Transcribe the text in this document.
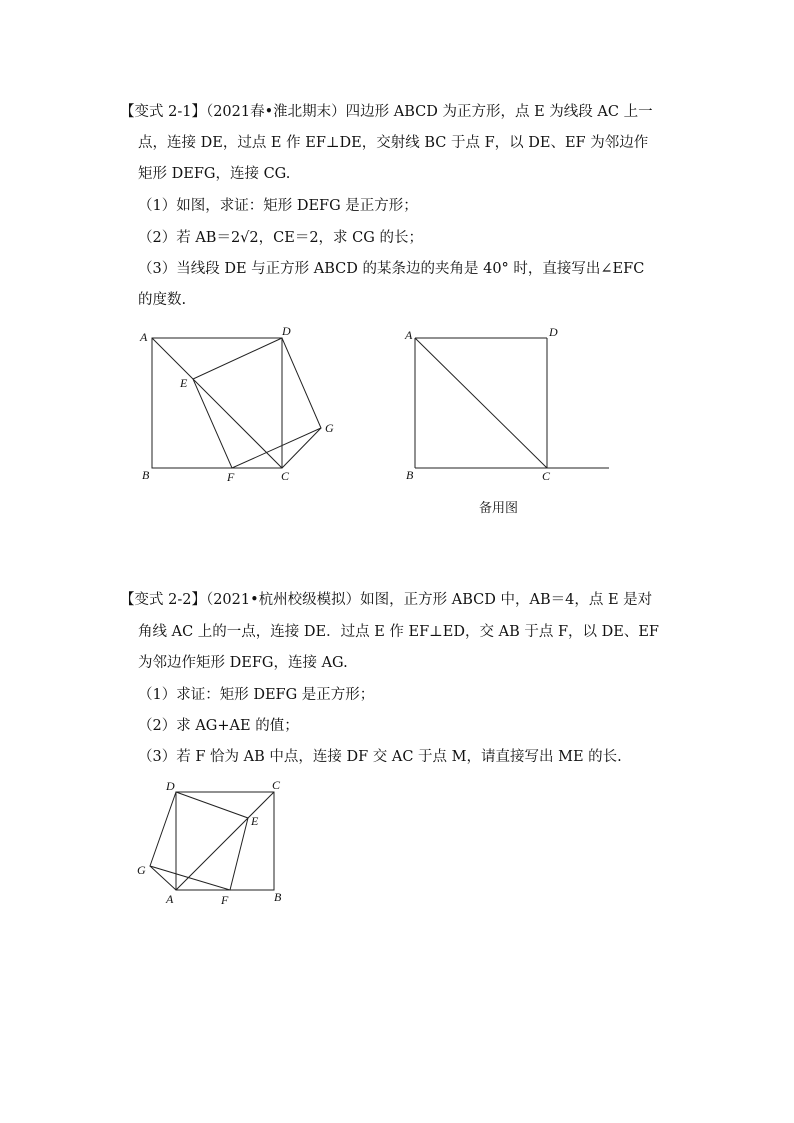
【变式 2-1】（2021春•淮北期末）四边形 ABCD 为正方形，点 E 为线段 AC 上一
点，连接 DE，过点 E 作 EF⊥DE，交射线 BC 于点 F，以 DE、EF 为邻边作
矩形 DEFG，连接 CG.
（1）如图，求证：矩形 DEFG 是正方形；
（2）若 AB＝2√2，CE＝2，求 CG 的长；
（3）当线段 DE 与正方形 ABCD 的某条边的夹角是 40° 时，直接写出∠EFC
的度数.
A
B	C
D
E
F
G
A
B	C
D
备用图
【变式 2-2】（2021•杭州校级模拟）如图，正方形 ABCD 中，AB＝4，点 E 是对
角线 AC 上的一点，连接 DE．过点 E 作 EF⊥ED，交 AB 于点 F，以 DE、EF
为邻边作矩形 DEFG，连接 AG.
（1）求证：矩形 DEFG 是正方形；
（2）求 AG+AE 的值；
（3）若 F 恰为 AB 中点，连接 DF 交 AC 于点 M，请直接写出 ME 的长.
D	C
B
A
E
F
G
